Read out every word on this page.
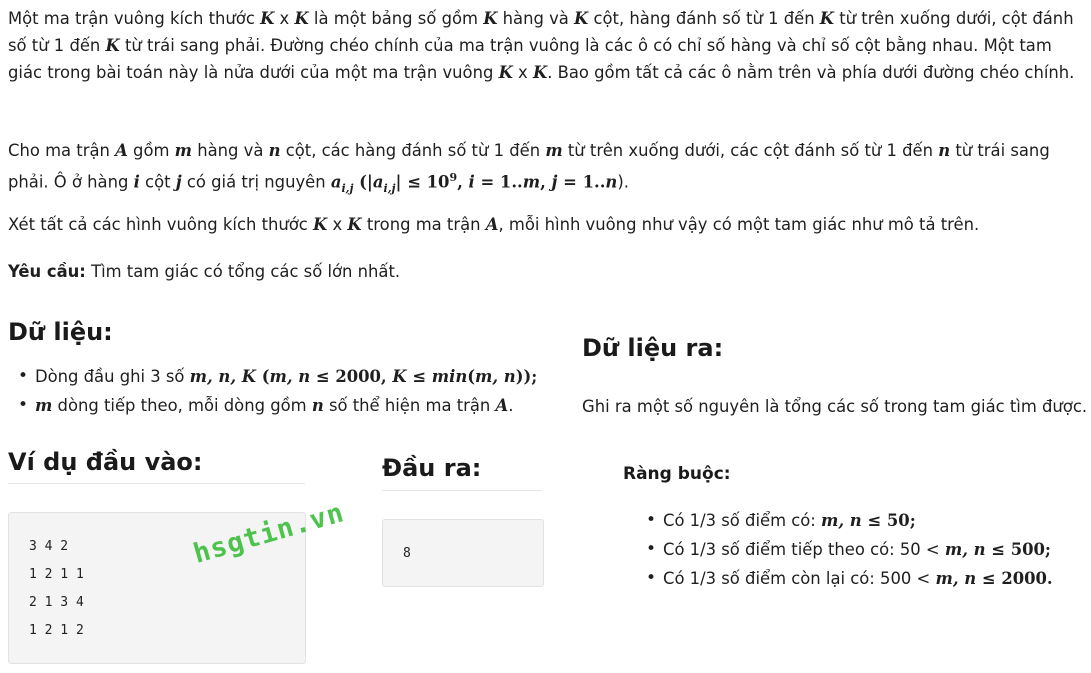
Một ma trận vuông kích thước K x K là một bảng số gồm K hàng và K cột, hàng đánh số từ 1 đến K từ trên xuống dưới, cột đánh số từ 1 đến K từ trái sang phải. Đường chéo chính của ma trận vuông là các ô có chỉ số hàng và chỉ số cột bằng nhau. Một tam giác trong bài toán này là nửa dưới của một ma trận vuông K x K. Bao gồm tất cả các ô nằm trên và phía dưới đường chéo chính.

Cho ma trận A gồm m hàng và n cột, các hàng đánh số từ 1 đến m từ trên xuống dưới, các cột đánh số từ 1 đến n từ trái sang phải. Ô ở hàng i cột j có giá trị nguyên $a_{i,j}$ ($|a_{i,j}| \le 10^9$, i = 1..m, j = 1..n).

Xét tất cả các hình vuông kích thước K x K trong ma trận A, mỗi hình vuông như vậy có một tam giác như mô tả trên.

Yêu cầu: Tìm tam giác có tổng các số lớn nhất.

Dữ liệu:
• Dòng đầu ghi 3 số m, n, K (m, n ≤ 2000, K ≤ min(m, n));
• m dòng tiếp theo, mỗi dòng gồm n số thể hiện ma trận A.
Dữ liệu ra:

Ghi ra một số nguyên là tổng các số trong tam giác tìm được.

Ví dụ đầu vào:
3 4 2
1 2 1 1
2 1 3 4
1 2 1 2
Đầu ra:
8
Ràng buộc:
• Có 1/3 số điểm có: m, n ≤ 50;
• Có 1/3 số điểm tiếp theo có: 50 < m, n ≤ 500;
• Có 1/3 số điểm còn lại có: 500 < m, n ≤ 2000.
hsgtin.vn
